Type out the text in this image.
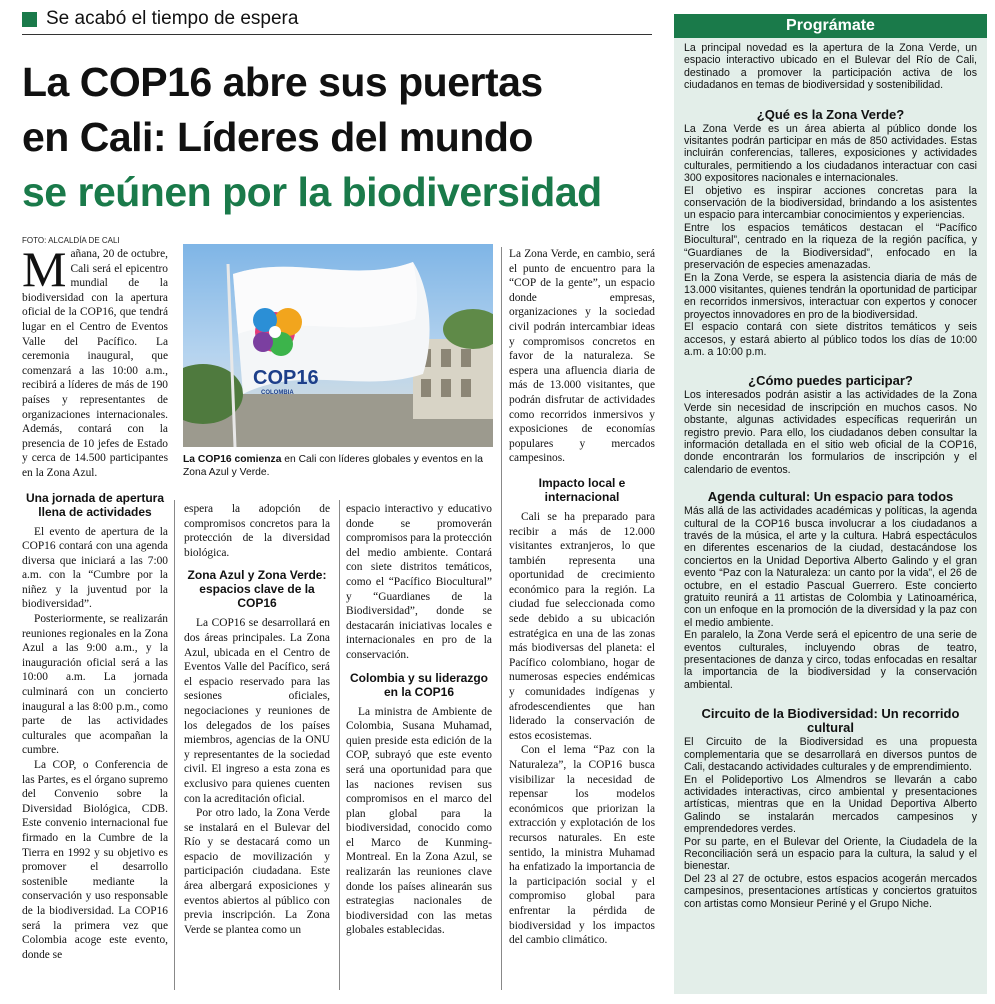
Se acabó el tiempo de espera
La COP16 abre sus puertas
en Cali: Líderes del mundo
se reúnen por la biodiversidad
FOTO: ALCALDÍA DE CALI

Mañana, 20 de octubre, Cali será el epicentro mundial de la biodiversidad con la apertura oficial de la COP16, que tendrá lugar en el Centro de Eventos Valle del Pacífico. La ceremonia inaugural, que comenzará a las 10:00 a.m., recibirá a líderes de más de 190 países y representantes de organizaciones internacionales. Además, contará con la presencia de 10 jefes de Estado y cerca de 14.500 participantes en la Zona Azul.

Una jornada de apertura llena de actividades

El evento de apertura de la COP16 contará con una agenda diversa que iniciará a las 7:00 a.m. con la “Cumbre por la niñez y la juventud por la biodiversidad”.

Posteriormente, se realizarán reuniones regionales en la Zona Azul a las 9:00 a.m., y la inauguración oficial será a las 10:00 a.m. La jornada culminará con un concierto inaugural a las 8:00 p.m., como parte de las actividades culturales que acompañan la cumbre.

La COP, o Conferencia de las Partes, es el órgano supremo del Convenio sobre la Diversidad Biológica, CDB. Este convenio internacional fue firmado en la Cumbre de la Tierra en 1992 y su objetivo es promover el desarrollo sostenible mediante la conservación y uso responsable de la biodiversidad. La COP16 será la primera vez que Colombia acoge este evento, donde se

COP16
COLOMBIA
La COP16 comienza en Cali con líderes globales y eventos en la Zona Azul y Verde.

espera la adopción de compromisos concretos para la protección de la diversidad biológica.

Zona Azul y Zona Verde: espacios clave de la COP16

La COP16 se desarrollará en dos áreas principales. La Zona Azul, ubicada en el Centro de Eventos Valle del Pacífico, será el espacio reservado para las sesiones oficiales, negociaciones y reuniones de los delegados de los países miembros, agencias de la ONU y representantes de la sociedad civil. El ingreso a esta zona es exclusivo para quienes cuenten con la acreditación oficial.

Por otro lado, la Zona Verde se instalará en el Bulevar del Río y se destacará como un espacio de movilización y participación ciudadana. Este área albergará exposiciones y eventos abiertos al público con previa inscripción. La Zona Verde se plantea como un

espacio interactivo y educativo donde se promoverán compromisos para la protección del medio ambiente. Contará con siete distritos temáticos, como el “Pacífico Biocultural” y “Guardianes de la Biodiversidad”, donde se destacarán iniciativas locales e internacionales en pro de la conservación.

Colombia y su liderazgo en la COP16

La ministra de Ambiente de Colombia, Susana Muhamad, quien preside esta edición de la COP, subrayó que este evento será una oportunidad para que las naciones revisen sus compromisos en el marco del plan global para la biodiversidad, conocido como el Marco de Kunming-Montreal. En la Zona Azul, se realizarán las reuniones clave donde los países alinearán sus estrategias nacionales de biodiversidad con las metas globales establecidas.

La Zona Verde, en cambio, será el punto de encuentro para la “COP de la gente”, un espacio donde empresas, organizaciones y la sociedad civil podrán intercambiar ideas y compromisos concretos en favor de la naturaleza. Se espera una afluencia diaria de más de 13.000 visitantes, que podrán disfrutar de actividades como recorridos inmersivos y exposiciones de economías populares y mercados campesinos.

Impacto local e internacional

Cali se ha preparado para recibir a más de 12.000 visitantes extranjeros, lo que también representa una oportunidad de crecimiento económico para la región. La ciudad fue seleccionada como sede debido a su ubicación estratégica en una de las zonas más biodiversas del planeta: el Pacífico colombiano, hogar de numerosas especies endémicas y comunidades indígenas y afrodescendientes que han liderado la conservación de estos ecosistemas.

Con el lema “Paz con la Naturaleza”, la COP16 busca visibilizar la necesidad de repensar los modelos económicos que priorizan la extracción y explotación de los recursos naturales. En este sentido, la ministra Muhamad ha enfatizado la importancia de la participación social y el compromiso global para enfrentar la pérdida de biodiversidad y los impactos del cambio climático.

Prográmate

La principal novedad es la apertura de la Zona Verde, un espacio interactivo ubicado en el Bulevar del Río de Cali, destinado a promover la participación activa de los ciudadanos en temas de biodiversidad y sostenibilidad.

¿Qué es la Zona Verde?

La Zona Verde es un área abierta al público donde los visitantes podrán participar en más de 850 actividades. Estas incluirán conferencias, talleres, exposiciones y actividades culturales, permitiendo a los ciudadanos interactuar con casi 300 expositores nacionales e internacionales.

El objetivo es inspirar acciones concretas para la conservación de la biodiversidad, brindando a los asistentes un espacio para intercambiar conocimientos y experiencias.

Entre los espacios temáticos destacan el “Pacífico Biocultural”, centrado en la riqueza de la región pacífica, y “Guardianes de la Biodiversidad”, enfocado en la preservación de especies amenazadas.

En la Zona Verde, se espera la asistencia diaria de más de 13.000 visitantes, quienes tendrán la oportunidad de participar en recorridos inmersivos, interactuar con expertos y conocer proyectos innovadores en pro de la biodiversidad.

El espacio contará con siete distritos temáticos y seis accesos, y estará abierto al público todos los días de 10:00 a.m. a 10:00 p.m.

¿Cómo puedes participar?

Los interesados podrán asistir a las actividades de la Zona Verde sin necesidad de inscripción en muchos casos. No obstante, algunas actividades específicas requerirán un registro previo. Para ello, los ciudadanos deben consultar la información detallada en el sitio web oficial de la COP16, donde encontrarán los formularios de inscripción y el calendario de eventos.

Agenda cultural: Un espacio para todos

Más allá de las actividades académicas y políticas, la agenda cultural de la COP16 busca involucrar a los ciudadanos a través de la música, el arte y la cultura. Habrá espectáculos en diferentes escenarios de la ciudad, destacándose los conciertos en la Unidad Deportiva Alberto Galindo y el gran evento “Paz con la Naturaleza: un canto por la vida”, el 26 de octubre, en el estadio Pascual Guerrero. Este concierto gratuito reunirá a 11 artistas de Colombia y Latinoamérica, con un enfoque en la promoción de la diversidad y la paz con el medio ambiente.

En paralelo, la Zona Verde será el epicentro de una serie de eventos culturales, incluyendo obras de teatro, presentaciones de danza y circo, todas enfocadas en resaltar la importancia de la biodiversidad y la conservación ambiental.

Circuito de la Biodiversidad: Un recorrido cultural

El Circuito de la Biodiversidad es una propuesta complementaria que se desarrollará en diversos puntos de Cali, destacando actividades culturales y de emprendimiento.

En el Polideportivo Los Almendros se llevarán a cabo actividades interactivas, circo ambiental y presentaciones artísticas, mientras que en la Unidad Deportiva Alberto Galindo se instalarán mercados campesinos y emprendedores verdes.

Por su parte, en el Bulevar del Oriente, la Ciudadela de la Reconciliación será un espacio para la cultura, la salud y el bienestar.

Del 23 al 27 de octubre, estos espacios acogerán mercados campesinos, presentaciones artísticas y conciertos gratuitos con artistas como Monsieur Periné y el Grupo Niche.
